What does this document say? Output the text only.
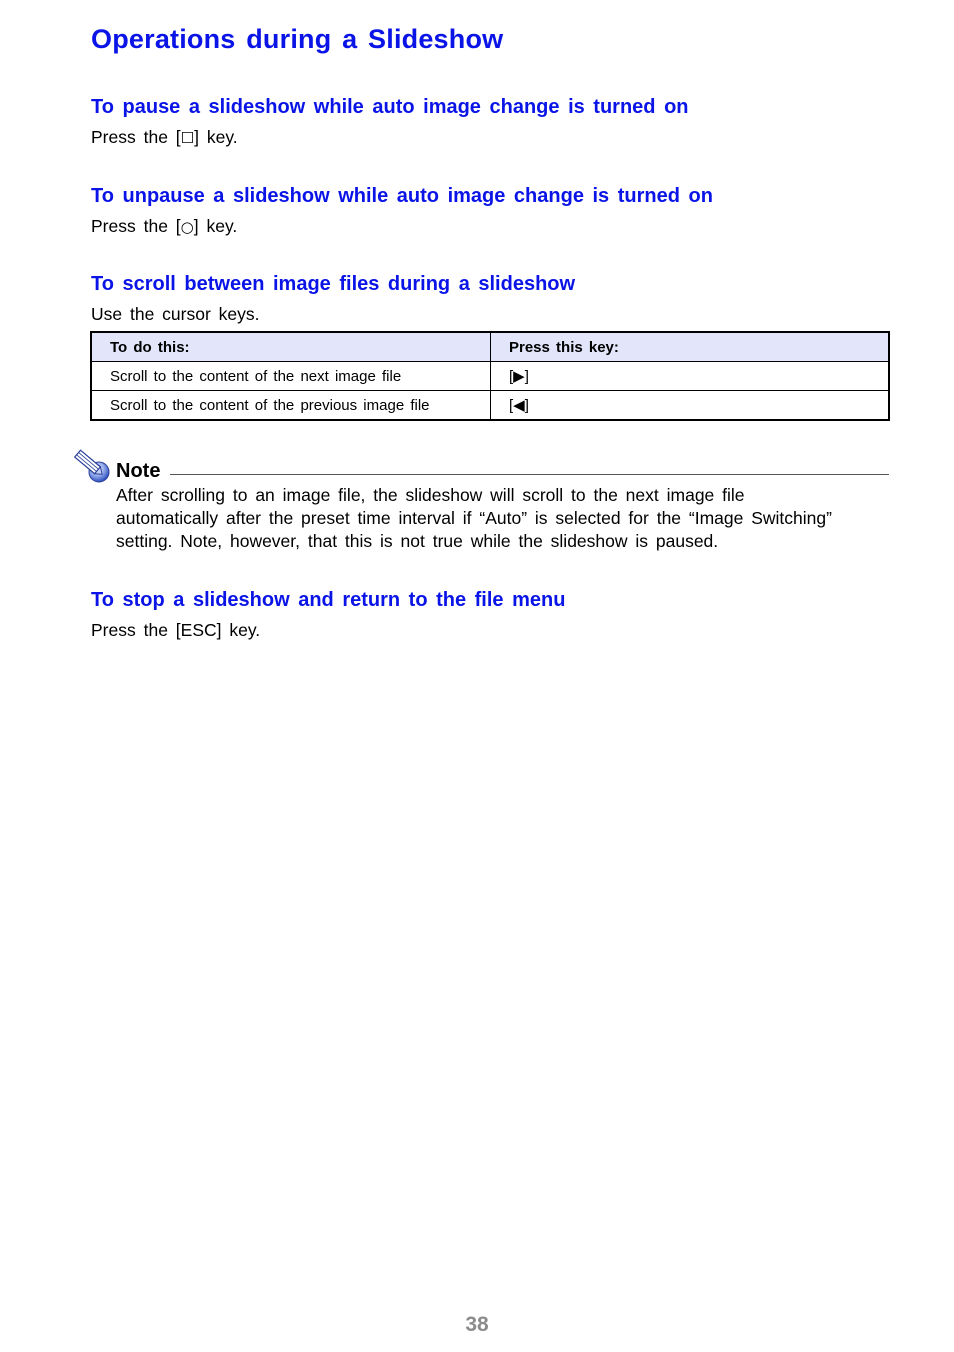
Operations during a Slideshow
To pause a slideshow while auto image change is turned on

Press the [☐] key.

To unpause a slideshow while auto image change is turned on

Press the [○] key.

To scroll between image files during a slideshow

Use the cursor keys.

To do this:	Press this key:
Scroll to the content of the next image file	[▶]
Scroll to the content of the previous image file	[◀]
Note

After scrolling to an image file, the slideshow will scroll to the next image file
automatically after the preset time interval if “Auto” is selected for the “Image Switching”
setting. Note, however, that this is not true while the slideshow is paused.

To stop a slideshow and return to the file menu

Press the [ESC] key.

38
